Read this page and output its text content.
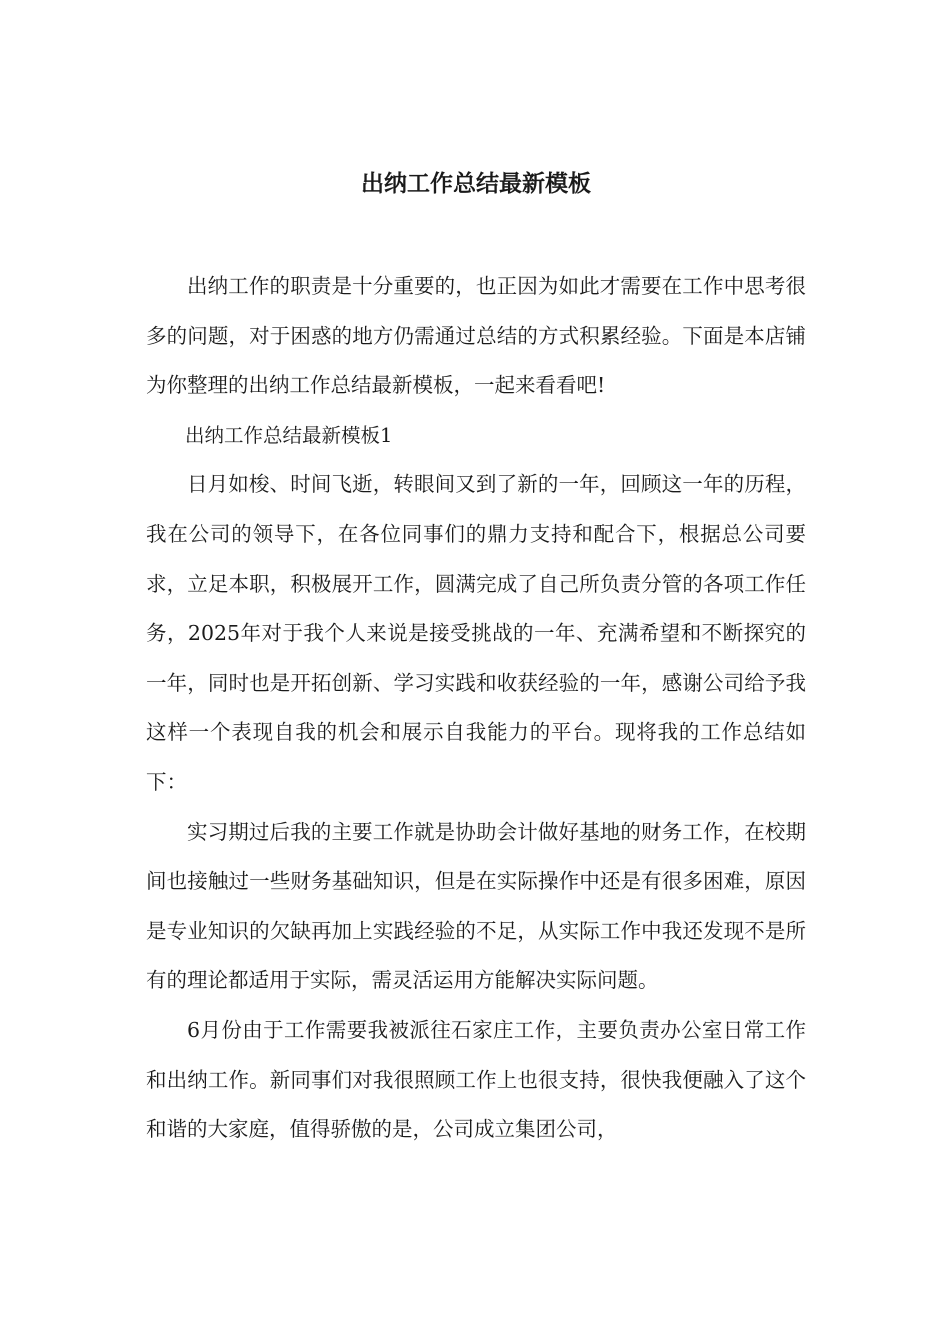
出纳工作总结最新模板

出纳工作的职责是十分重要的，也正因为如此才需要在工作中思考很多的问题，对于困惑的地方仍需通过总结的方式积累经验。下面是本店铺为你整理的出纳工作总结最新模板，一起来看看吧!

出纳工作总结最新模板1

日月如梭、时间飞逝，转眼间又到了新的一年，回顾这一年的历程，我在公司的领导下，在各位同事们的鼎力支持和配合下，根据总公司要求，立足本职，积极展开工作，圆满完成了自己所负责分管的各项工作任务，2025年对于我个人来说是接受挑战的一年、充满希望和不断探究的一年，同时也是开拓创新、学习实践和收获经验的一年，感谢公司给予我这样一个表现自我的机会和展示自我能力的平台。现将我的工作总结如下：

实习期过后我的主要工作就是协助会计做好基地的财务工作，在校期间也接触过一些财务基础知识，但是在实际操作中还是有很多困难，原因是专业知识的欠缺再加上实践经验的不足，从实际工作中我还发现不是所有的理论都适用于实际，需灵活运用方能解决实际问题。

6月份由于工作需要我被派往石家庄工作，主要负责办公室日常工作和出纳工作。新同事们对我很照顾工作上也很支持，很快我便融入了这个和谐的大家庭，值得骄傲的是，公司成立集团公司，
